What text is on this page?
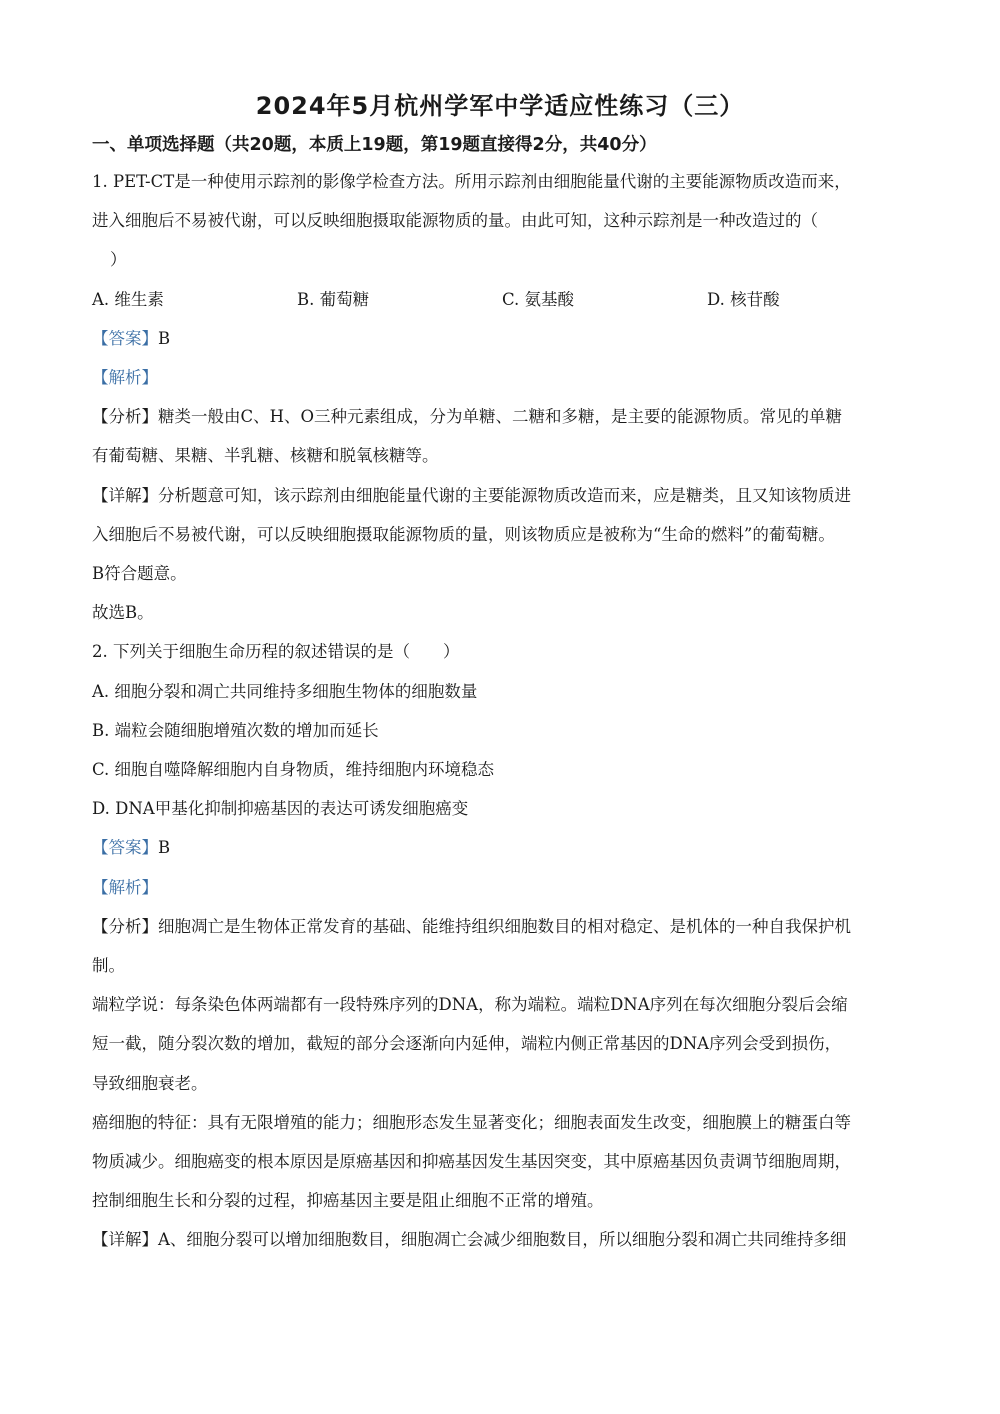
2024年5月杭州学军中学适应性练习（三）
一、单项选择题（共20题，本质上19题，第19题直接得2分，共40分）

1. PET-CT是一种使用示踪剂的影像学检查方法。所用示踪剂由细胞能量代谢的主要能源物质改造而来，

进入细胞后不易被代谢，可以反映细胞摄取能源物质的量。由此可知，这种示踪剂是一种改造过的（

）

A. 维生素	B. 葡萄糖	C. 氨基酸	D. 核苷酸

【答案】B

【解析】

【分析】糖类一般由C、H、O三种元素组成，分为单糖、二糖和多糖，是主要的能源物质。常见的单糖

有葡萄糖、果糖、半乳糖、核糖和脱氧核糖等。

【详解】分析题意可知，该示踪剂由细胞能量代谢的主要能源物质改造而来，应是糖类，且又知该物质进

入细胞后不易被代谢，可以反映细胞摄取能源物质的量，则该物质应是被称为“生命的燃料”的葡萄糖。

B符合题意。

故选B。

2. 下列关于细胞生命历程的叙述错误的是（　　）

A. 细胞分裂和凋亡共同维持多细胞生物体的细胞数量

B. 端粒会随细胞增殖次数的增加而延长

C. 细胞自噬降解细胞内自身物质，维持细胞内环境稳态

D. DNA甲基化抑制抑癌基因的表达可诱发细胞癌变

【答案】B

【解析】

【分析】细胞凋亡是生物体正常发育的基础、能维持组织细胞数目的相对稳定、是机体的一种自我保护机

制。

端粒学说：每条染色体两端都有一段特殊序列的DNA，称为端粒。端粒DNA序列在每次细胞分裂后会缩

短一截，随分裂次数的增加，截短的部分会逐渐向内延伸，端粒内侧正常基因的DNA序列会受到损伤，

导致细胞衰老。

癌细胞的特征：具有无限增殖的能力；细胞形态发生显著变化；细胞表面发生改变，细胞膜上的糖蛋白等

物质减少。细胞癌变的根本原因是原癌基因和抑癌基因发生基因突变，其中原癌基因负责调节细胞周期，

控制细胞生长和分裂的过程，抑癌基因主要是阻止细胞不正常的增殖。

【详解】A、细胞分裂可以增加细胞数目，细胞凋亡会减少细胞数目，所以细胞分裂和凋亡共同维持多细
